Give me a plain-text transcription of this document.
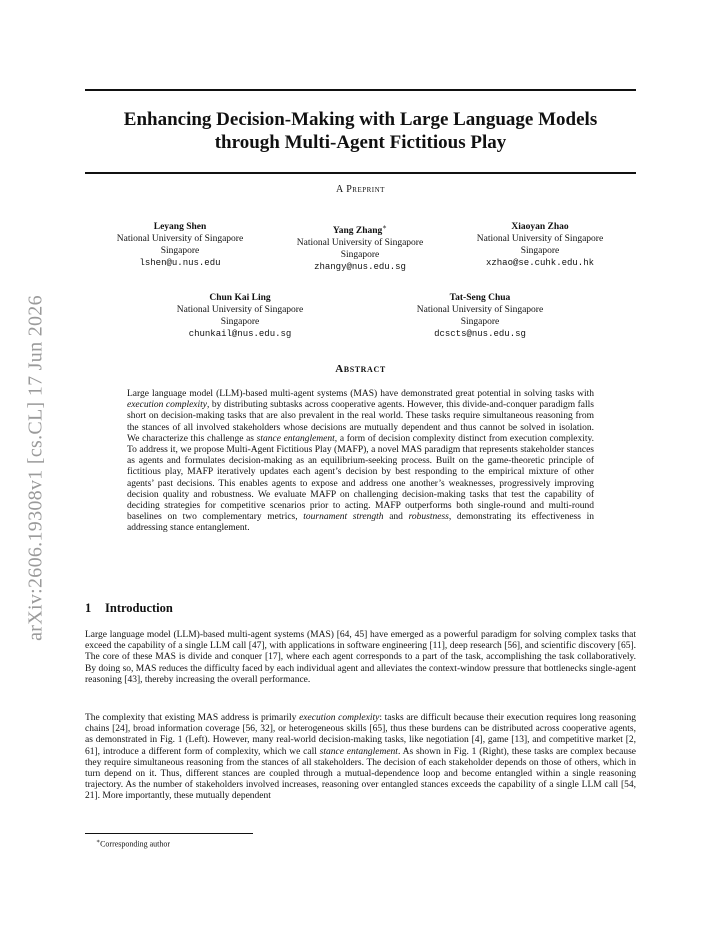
arXiv:2606.19308v1 [cs.CL] 17 Jun 2026
Enhancing Decision-Making with Large Language Models
through Multi-Agent Fictitious Play
A Preprint
Leyang Shen
National University of Singapore
Singapore
lshen@u.nus.edu
Yang Zhang∗
National University of Singapore
Singapore
zhangy@nus.edu.sg
Xiaoyan Zhao
National University of Singapore
Singapore
xzhao@se.cuhk.edu.hk
Chun Kai Ling
National University of Singapore
Singapore
chunkail@nus.edu.sg
Tat-Seng Chua
National University of Singapore
Singapore
dcscts@nus.edu.sg
Abstract
Large language model (LLM)-based multi-agent systems (MAS) have demonstrated great potential in solving tasks with execution complexity, by distributing subtasks across cooperative agents. However, this divide-and-conquer paradigm falls short on decision-making tasks that are also prevalent in the real world. These tasks require simultaneous reasoning from the stances of all involved stakeholders whose decisions are mutually dependent and thus cannot be solved in isolation. We characterize this challenge as stance entanglement, a form of decision complexity distinct from execution complexity. To address it, we propose Multi-Agent Fictitious Play (MAFP), a novel MAS paradigm that represents stakeholder stances as agents and formulates decision-making as an equilibrium-seeking process. Built on the game-theoretic principle of fictitious play, MAFP iteratively updates each agent’s decision by best responding to the empirical mixture of other agents’ past decisions. This enables agents to expose and address one another’s weaknesses, progressively improving decision quality and robustness. We evaluate MAFP on challenging decision-making tasks that test the capability of deciding strategies for competitive scenarios prior to acting. MAFP outperforms both single-round and multi-round baselines on two complementary metrics, tournament strength and robustness, demonstrating its effectiveness in addressing stance entanglement.
1 Introduction
Large language model (LLM)-based multi-agent systems (MAS) [64, 45] have emerged as a powerful paradigm for solving complex tasks that exceed the capability of a single LLM call [47], with applications in software engineering [11], deep research [56], and scientific discovery [65]. The core of these MAS is divide and conquer [17], where each agent corresponds to a part of the task, accomplishing the task collaboratively. By doing so, MAS reduces the difficulty faced by each individual agent and alleviates the context-window pressure that bottlenecks single-agent reasoning [43], thereby increasing the overall performance.
The complexity that existing MAS address is primarily execution complexity: tasks are difficult because their execution requires long reasoning chains [24], broad information coverage [56, 32], or heterogeneous skills [65], thus these burdens can be distributed across cooperative agents, as demonstrated in Fig. 1 (Left). However, many real-world decision-making tasks, like negotiation [4], game [13], and competitive market [2, 61], introduce a different form of complexity, which we call stance entanglement. As shown in Fig. 1 (Right), these tasks are complex because they require simultaneous reasoning from the stances of all stakeholders. The decision of each stakeholder depends on those of others, which in turn depend on it. Thus, different stances are coupled through a mutual-dependence loop and become entangled within a single reasoning trajectory. As the number of stakeholders involved increases, reasoning over entangled stances exceeds the capability of a single LLM call [54, 21]. More importantly, these mutually dependent
∗Corresponding author
